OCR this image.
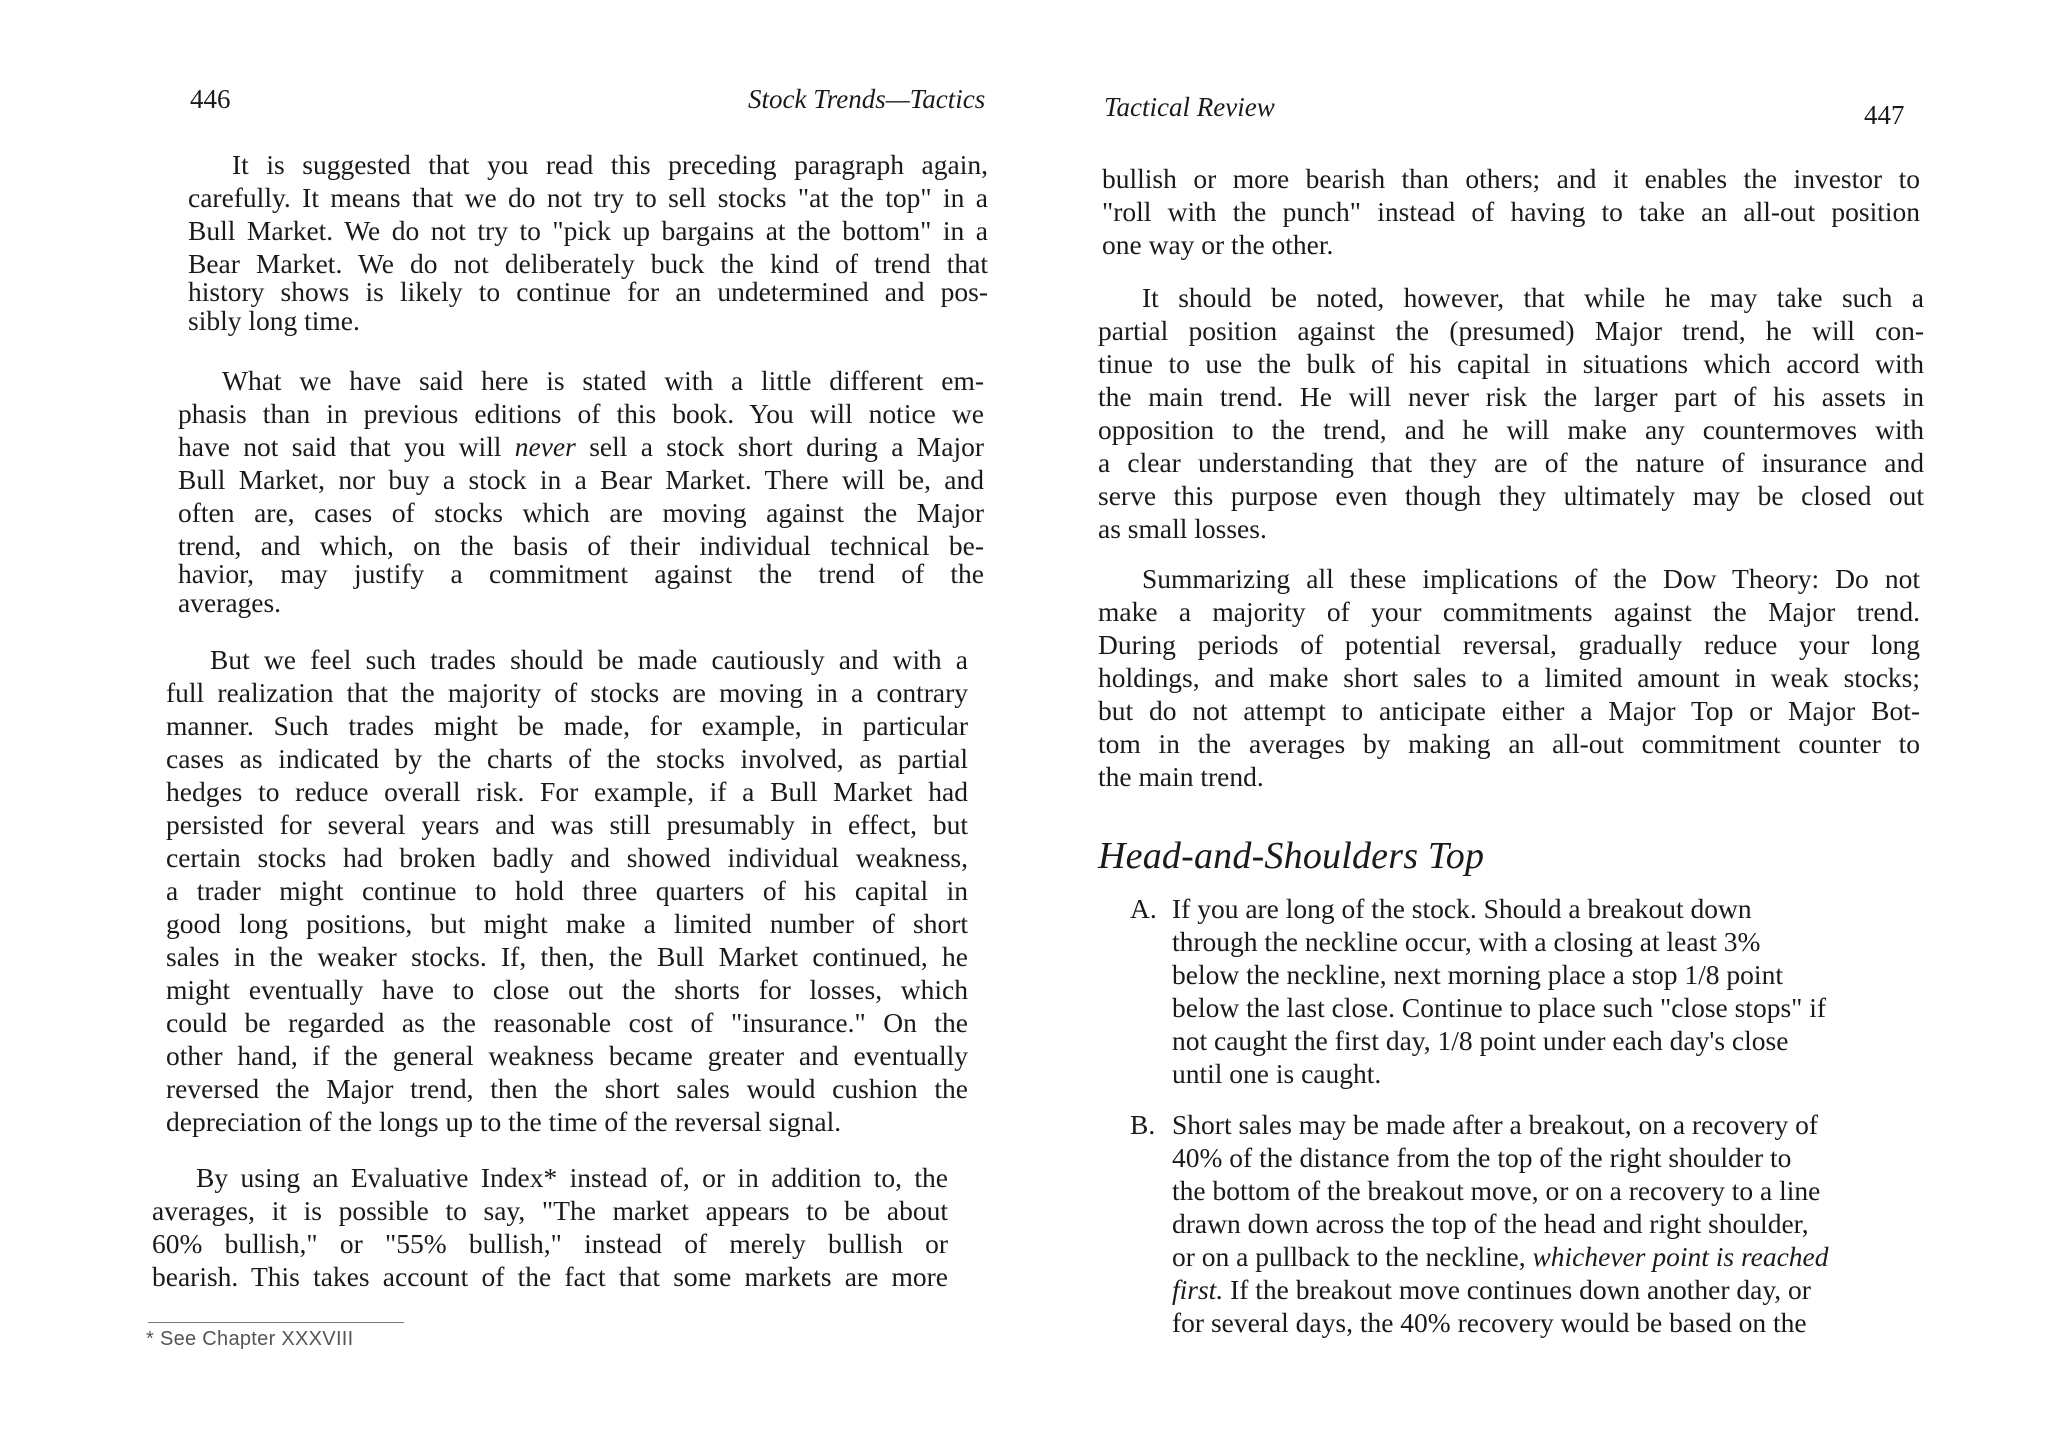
446	Stock Trends—Tactics

It is suggested that you read this preceding paragraph again,
carefully. It means that we do not try to sell stocks "at the top" in a
Bull Market. We do not try to "pick up bargains at the bottom" in a
Bear Market. We do not deliberately buck the kind of trend that
history shows is likely to continue for an undetermined and pos-
sibly long time.

What we have said here is stated with a little different em-
phasis than in previous editions of this book. You will notice we
have not said that you will never sell a stock short during a Major
Bull Market, nor buy a stock in a Bear Market. There will be, and
often are, cases of stocks which are moving against the Major
trend, and which, on the basis of their individual technical be-
havior, may justify a commitment against the trend of the
averages.

But we feel such trades should be made cautiously and with a
full realization that the majority of stocks are moving in a contrary
manner. Such trades might be made, for example, in particular
cases as indicated by the charts of the stocks involved, as partial
hedges to reduce overall risk. For example, if a Bull Market had
persisted for several years and was still presumably in effect, but
certain stocks had broken badly and showed individual weakness,
a trader might continue to hold three quarters of his capital in
good long positions, but might make a limited number of short
sales in the weaker stocks. If, then, the Bull Market continued, he
might eventually have to close out the shorts for losses, which
could be regarded as the reasonable cost of "insurance." On the
other hand, if the general weakness became greater and eventually
reversed the Major trend, then the short sales would cushion the
depreciation of the longs up to the time of the reversal signal.

By using an Evaluative Index* instead of, or in addition to, the
averages, it is possible to say, "The market appears to be about
60% bullish," or "55% bullish," instead of merely bullish or
bearish. This takes account of the fact that some markets are more

* See Chapter XXXVIII
Tactical Review	447

bullish or more bearish than others; and it enables the investor to
"roll with the punch" instead of having to take an all-out position
one way or the other.

It should be noted, however, that while he may take such a
partial position against the (presumed) Major trend, he will con-
tinue to use the bulk of his capital in situations which accord with
the main trend. He will never risk the larger part of his assets in
opposition to the trend, and he will make any countermoves with
a clear understanding that they are of the nature of insurance and
serve this purpose even though they ultimately may be closed out
as small losses.

Summarizing all these implications of the Dow Theory: Do not
make a majority of your commitments against the Major trend.
During periods of potential reversal, gradually reduce your long
holdings, and make short sales to a limited amount in weak stocks;
but do not attempt to anticipate either a Major Top or Major Bot-
tom in the averages by making an all-out commitment counter to
the main trend.

Head-and-Shoulders Top
A. If you are long of the stock. Should a breakout down
through the neckline occur, with a closing at least 3%
below the neckline, next morning place a stop 1/8 point
below the last close. Continue to place such "close stops" if
not caught the first day, 1/8 point under each day's close
until one is caught.
B. Short sales may be made after a breakout, on a recovery of
40% of the distance from the top of the right shoulder to
the bottom of the breakout move, or on a recovery to a line
drawn down across the top of the head and right shoulder,
or on a pullback to the neckline, whichever point is reached
first. If the breakout move continues down another day, or
for several days, the 40% recovery would be based on the
